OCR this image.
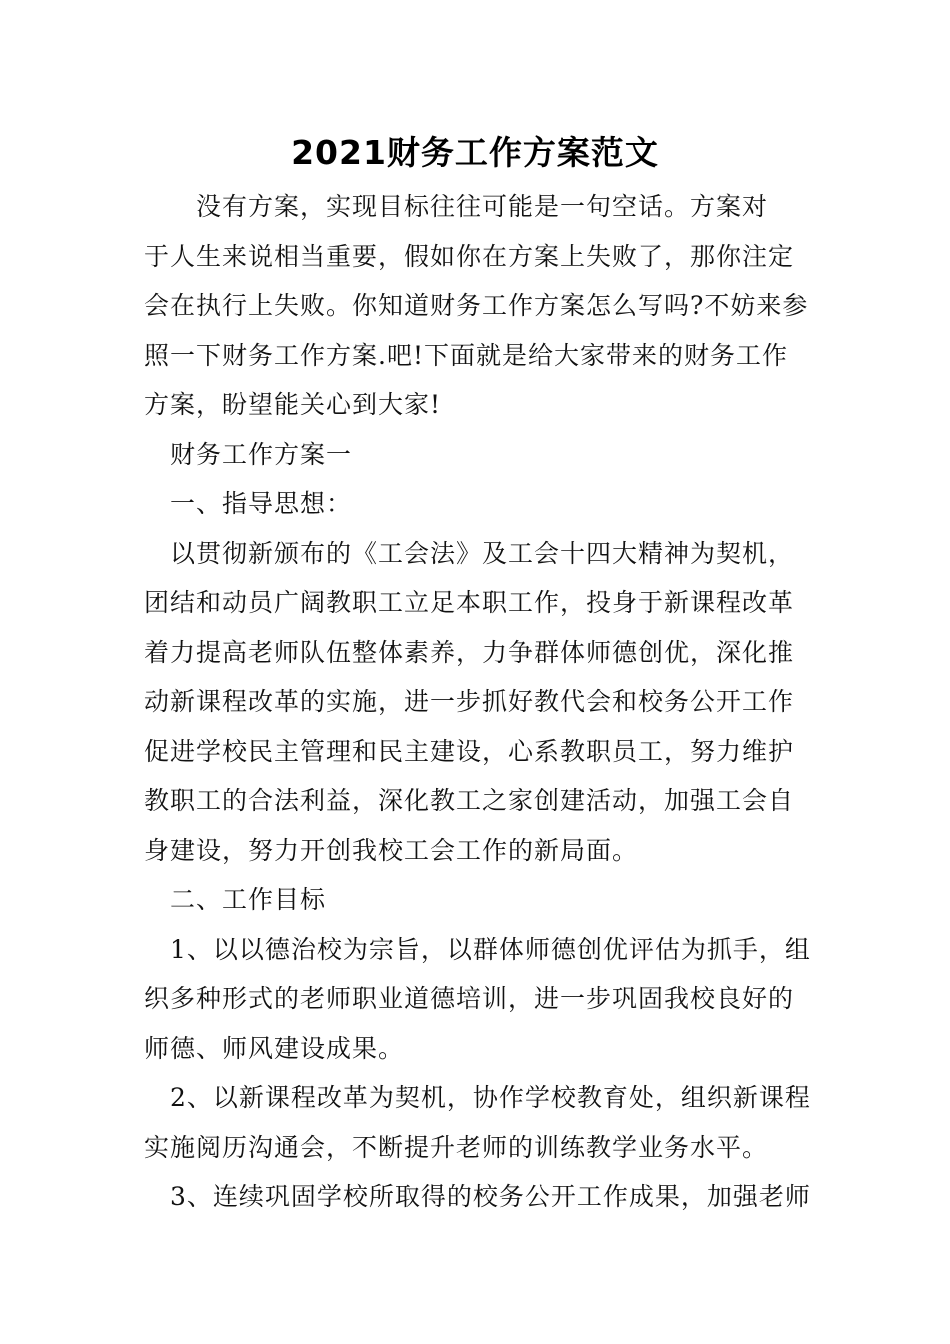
2021财务工作方案范文
　　没有方案，实现目标往往可能是一句空话。方案对
于人生来说相当重要，假如你在方案上失败了，那你注定
会在执行上失败。你知道财务工作方案怎么写吗?不妨来参
照一下财务工作方案.吧!下面就是给大家带来的财务工作
方案，盼望能关心到大家!
　财务工作方案一
　一、指导思想：
　以贯彻新颁布的《工会法》及工会十四大精神为契机，
团结和动员广阔教职工立足本职工作，投身于新课程改革
着力提高老师队伍整体素养，力争群体师德创优，深化推
动新课程改革的实施，进一步抓好教代会和校务公开工作
促进学校民主管理和民主建设，心系教职员工，努力维护
教职工的合法利益，深化教工之家创建活动，加强工会自
身建设，努力开创我校工会工作的新局面。
　二、工作目标
　1、以以德治校为宗旨，以群体师德创优评估为抓手，组
织多种形式的老师职业道德培训，进一步巩固我校良好的
师德、师风建设成果。
　2、以新课程改革为契机，协作学校教育处，组织新课程
实施阅历沟通会，不断提升老师的训练教学业务水平。
　3、连续巩固学校所取得的校务公开工作成果，加强老师
